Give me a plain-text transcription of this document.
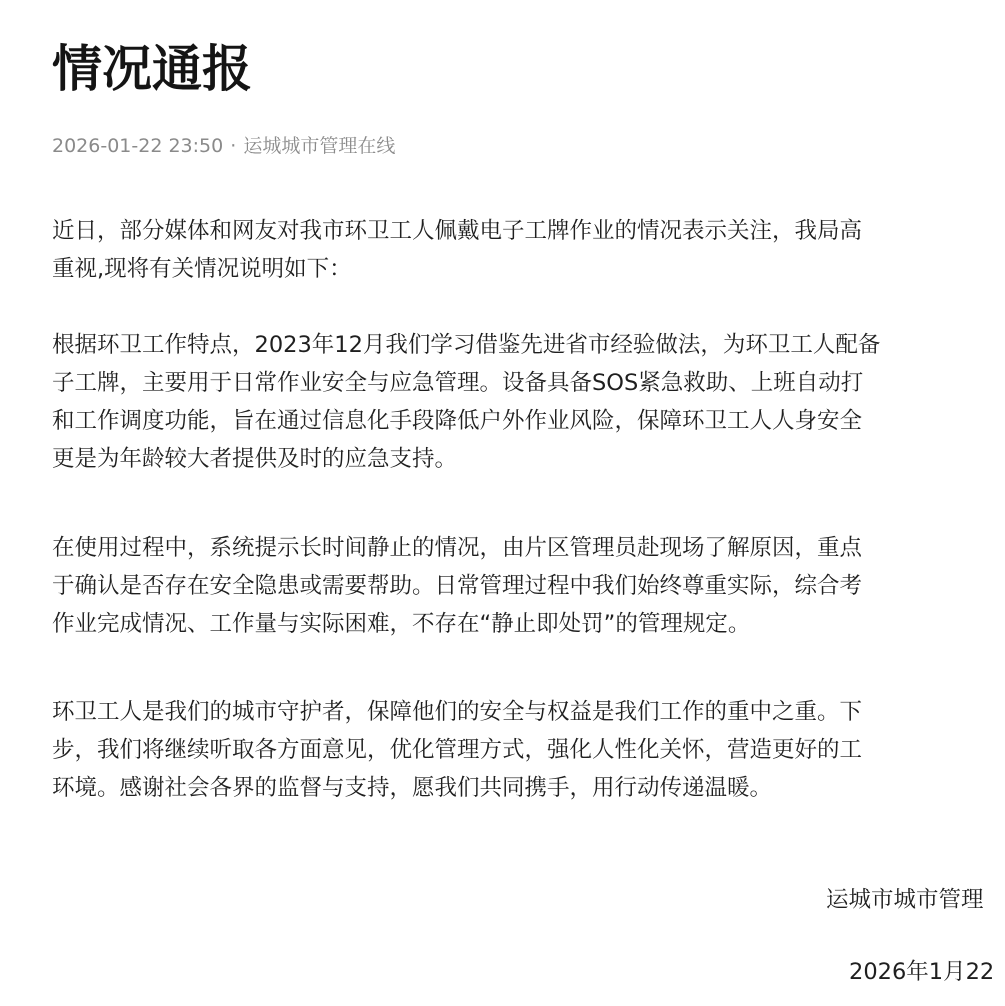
情况通报
2026-01-22 23:50 · 运城城市管理在线

近日，部分媒体和网友对我市环卫工人佩戴电子工牌作业的情况表示关注，我局高
重视,现将有关情况说明如下：

根据环卫工作特点，2023年12月我们学习借鉴先进省市经验做法，为环卫工人配备
子工牌，主要用于日常作业安全与应急管理。设备具备SOS紧急救助、上班自动打
和工作调度功能，旨在通过信息化手段降低户外作业风险，保障环卫工人人身安全
更是为年龄较大者提供及时的应急支持。

在使用过程中，系统提示长时间静止的情况，由片区管理员赴现场了解原因，重点
于确认是否存在安全隐患或需要帮助。日常管理过程中我们始终尊重实际，综合考
作业完成情况、工作量与实际困难，不存在“静止即处罚”的管理规定。

环卫工人是我们的城市守护者，保障他们的安全与权益是我们工作的重中之重。下
步，我们将继续听取各方面意见，优化管理方式，强化人性化关怀，营造更好的工
环境。感谢社会各界的监督与支持，愿我们共同携手，用行动传递温暖。

运城市城市管理
2026年1月22
